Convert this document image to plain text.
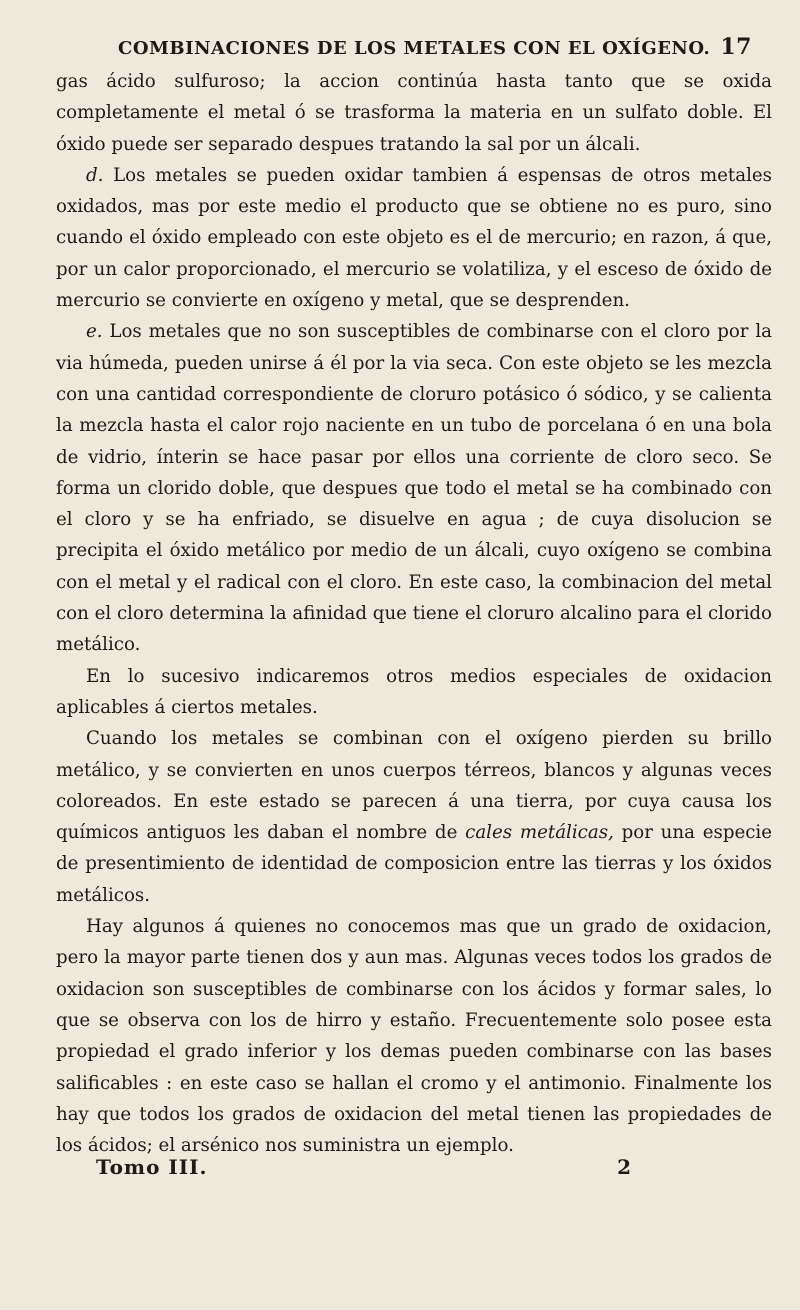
COMBINACIONES DE LOS METALES CON EL OXÍGENO. 17

gas ácido sulfuroso; la accion continúa hasta tanto que se oxida completamente el metal ó se trasforma la materia en un sulfato doble. El óxido puede ser separado despues tratando la sal por un álcali.

d. Los metales se pueden oxidar tambien á espensas de otros metales oxidados, mas por este medio el producto que se obtiene no es puro, sino cuando el óxido empleado con este objeto es el de mercurio; en razon, á que, por un calor proporcionado, el mercurio se volatiliza, y el esceso de óxido de mercurio se convierte en oxígeno y metal, que se desprenden.

e. Los metales que no son susceptibles de combinarse con el cloro por la via húmeda, pueden unirse á él por la via seca. Con este objeto se les mezcla con una cantidad correspondiente de cloruro potásico ó sódico, y se calienta la mezcla hasta el calor rojo naciente en un tubo de porcelana ó en una bola de vidrio, ínterin se hace pasar por ellos una corriente de cloro seco. Se forma un clorido doble, que despues que todo el metal se ha combinado con el cloro y se ha enfriado, se disuelve en agua ; de cuya disolucion se precipita el óxido metálico por medio de un álcali, cuyo oxígeno se combina con el metal y el radical con el cloro. En este caso, la combinacion del metal con el cloro determina la afinidad que tiene el cloruro alcalino para el clorido metálico.

En lo sucesivo indicaremos otros medios especiales de oxidacion aplicables á ciertos metales.

Cuando los metales se combinan con el oxígeno pierden su brillo metálico, y se convierten en unos cuerpos térreos, blancos y algunas veces coloreados. En este estado se parecen á una tierra, por cuya causa los químicos antiguos les daban el nombre de cales metálicas, por una especie de presentimiento de identidad de composicion entre las tierras y los óxidos metálicos.

Hay algunos á quienes no conocemos mas que un grado de oxidacion, pero la mayor parte tienen dos y aun mas. Algunas veces todos los grados de oxidacion son susceptibles de combinarse con los ácidos y formar sales, lo que se observa con los de hirro y estaño. Frecuentemente solo posee esta propiedad el grado inferior y los demas pueden combinarse con las bases salificables : en este caso se hallan el cromo y el antimonio. Finalmente los hay que todos los grados de oxidacion del metal tienen las propiedades de los ácidos; el arsénico nos suministra un ejemplo.

Tomo III.	2
